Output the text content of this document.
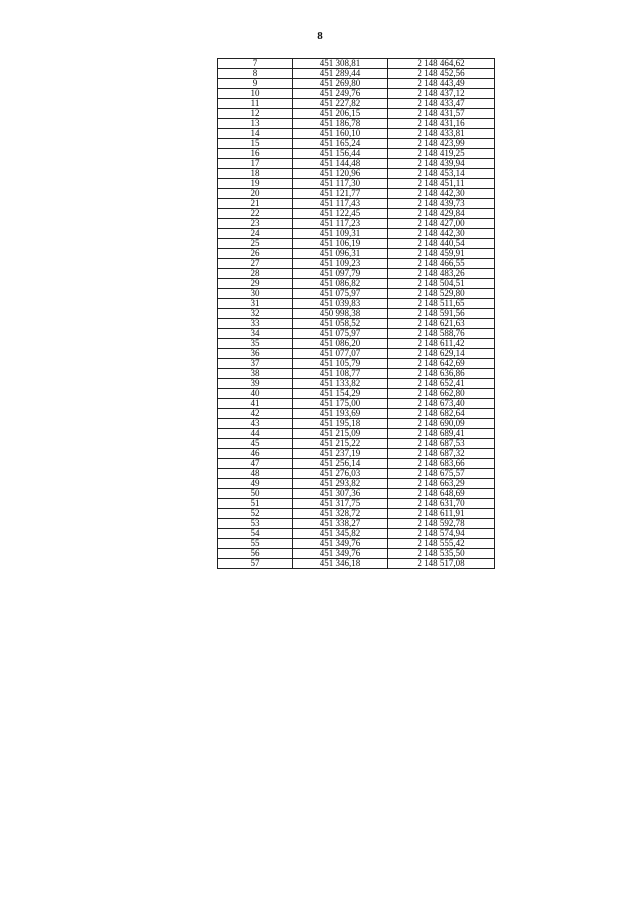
8
7	451 308,81	2 148 464,62
8	451 289,44	2 148 452,56
9	451 269,80	2 148 443,49
10	451 249,76	2 148 437,12
11	451 227,82	2 148 433,47
12	451 206,15	2 148 431,57
13	451 186,78	2 148 431,16
14	451 160,10	2 148 433,81
15	451 165,24	2 148 423,99
16	451 156,44	2 148 419,25
17	451 144,48	2 148 439,94
18	451 120,96	2 148 453,14
19	451 117,30	2 148 451,11
20	451 121,77	2 148 442,30
21	451 117,43	2 148 439,73
22	451 122,45	2 148 429,84
23	451 117,23	2 148 427,00
24	451 109,31	2 148 442,30
25	451 106,19	2 148 440,54
26	451 096,31	2 148 459,91
27	451 109,23	2 148 466,55
28	451 097,79	2 148 483,26
29	451 086,82	2 148 504,51
30	451 075,97	2 148 529,80
31	451 039,83	2 148 511,65
32	450 998,38	2 148 591,56
33	451 058,52	2 148 621,63
34	451 075,97	2 148 588,76
35	451 086,20	2 148 611,42
36	451 077,07	2 148 629,14
37	451 105,79	2 148 642,69
38	451 108,77	2 148 636,86
39	451 133,82	2 148 652,41
40	451 154,29	2 148 662,80
41	451 175,00	2 148 673,40
42	451 193,69	2 148 682,64
43	451 195,18	2 148 690,09
44	451 215,09	2 148 689,41
45	451 215,22	2 148 687,53
46	451 237,19	2 148 687,32
47	451 256,14	2 148 683,66
48	451 276,03	2 148 675,57
49	451 293,82	2 148 663,29
50	451 307,36	2 148 648,69
51	451 317,75	2 148 631,70
52	451 328,72	2 148 611,91
53	451 338,27	2 148 592,78
54	451 345,82	2 148 574,94
55	451 349,76	2 148 555,42
56	451 349,76	2 148 535,50
57	451 346,18	2 148 517,08
